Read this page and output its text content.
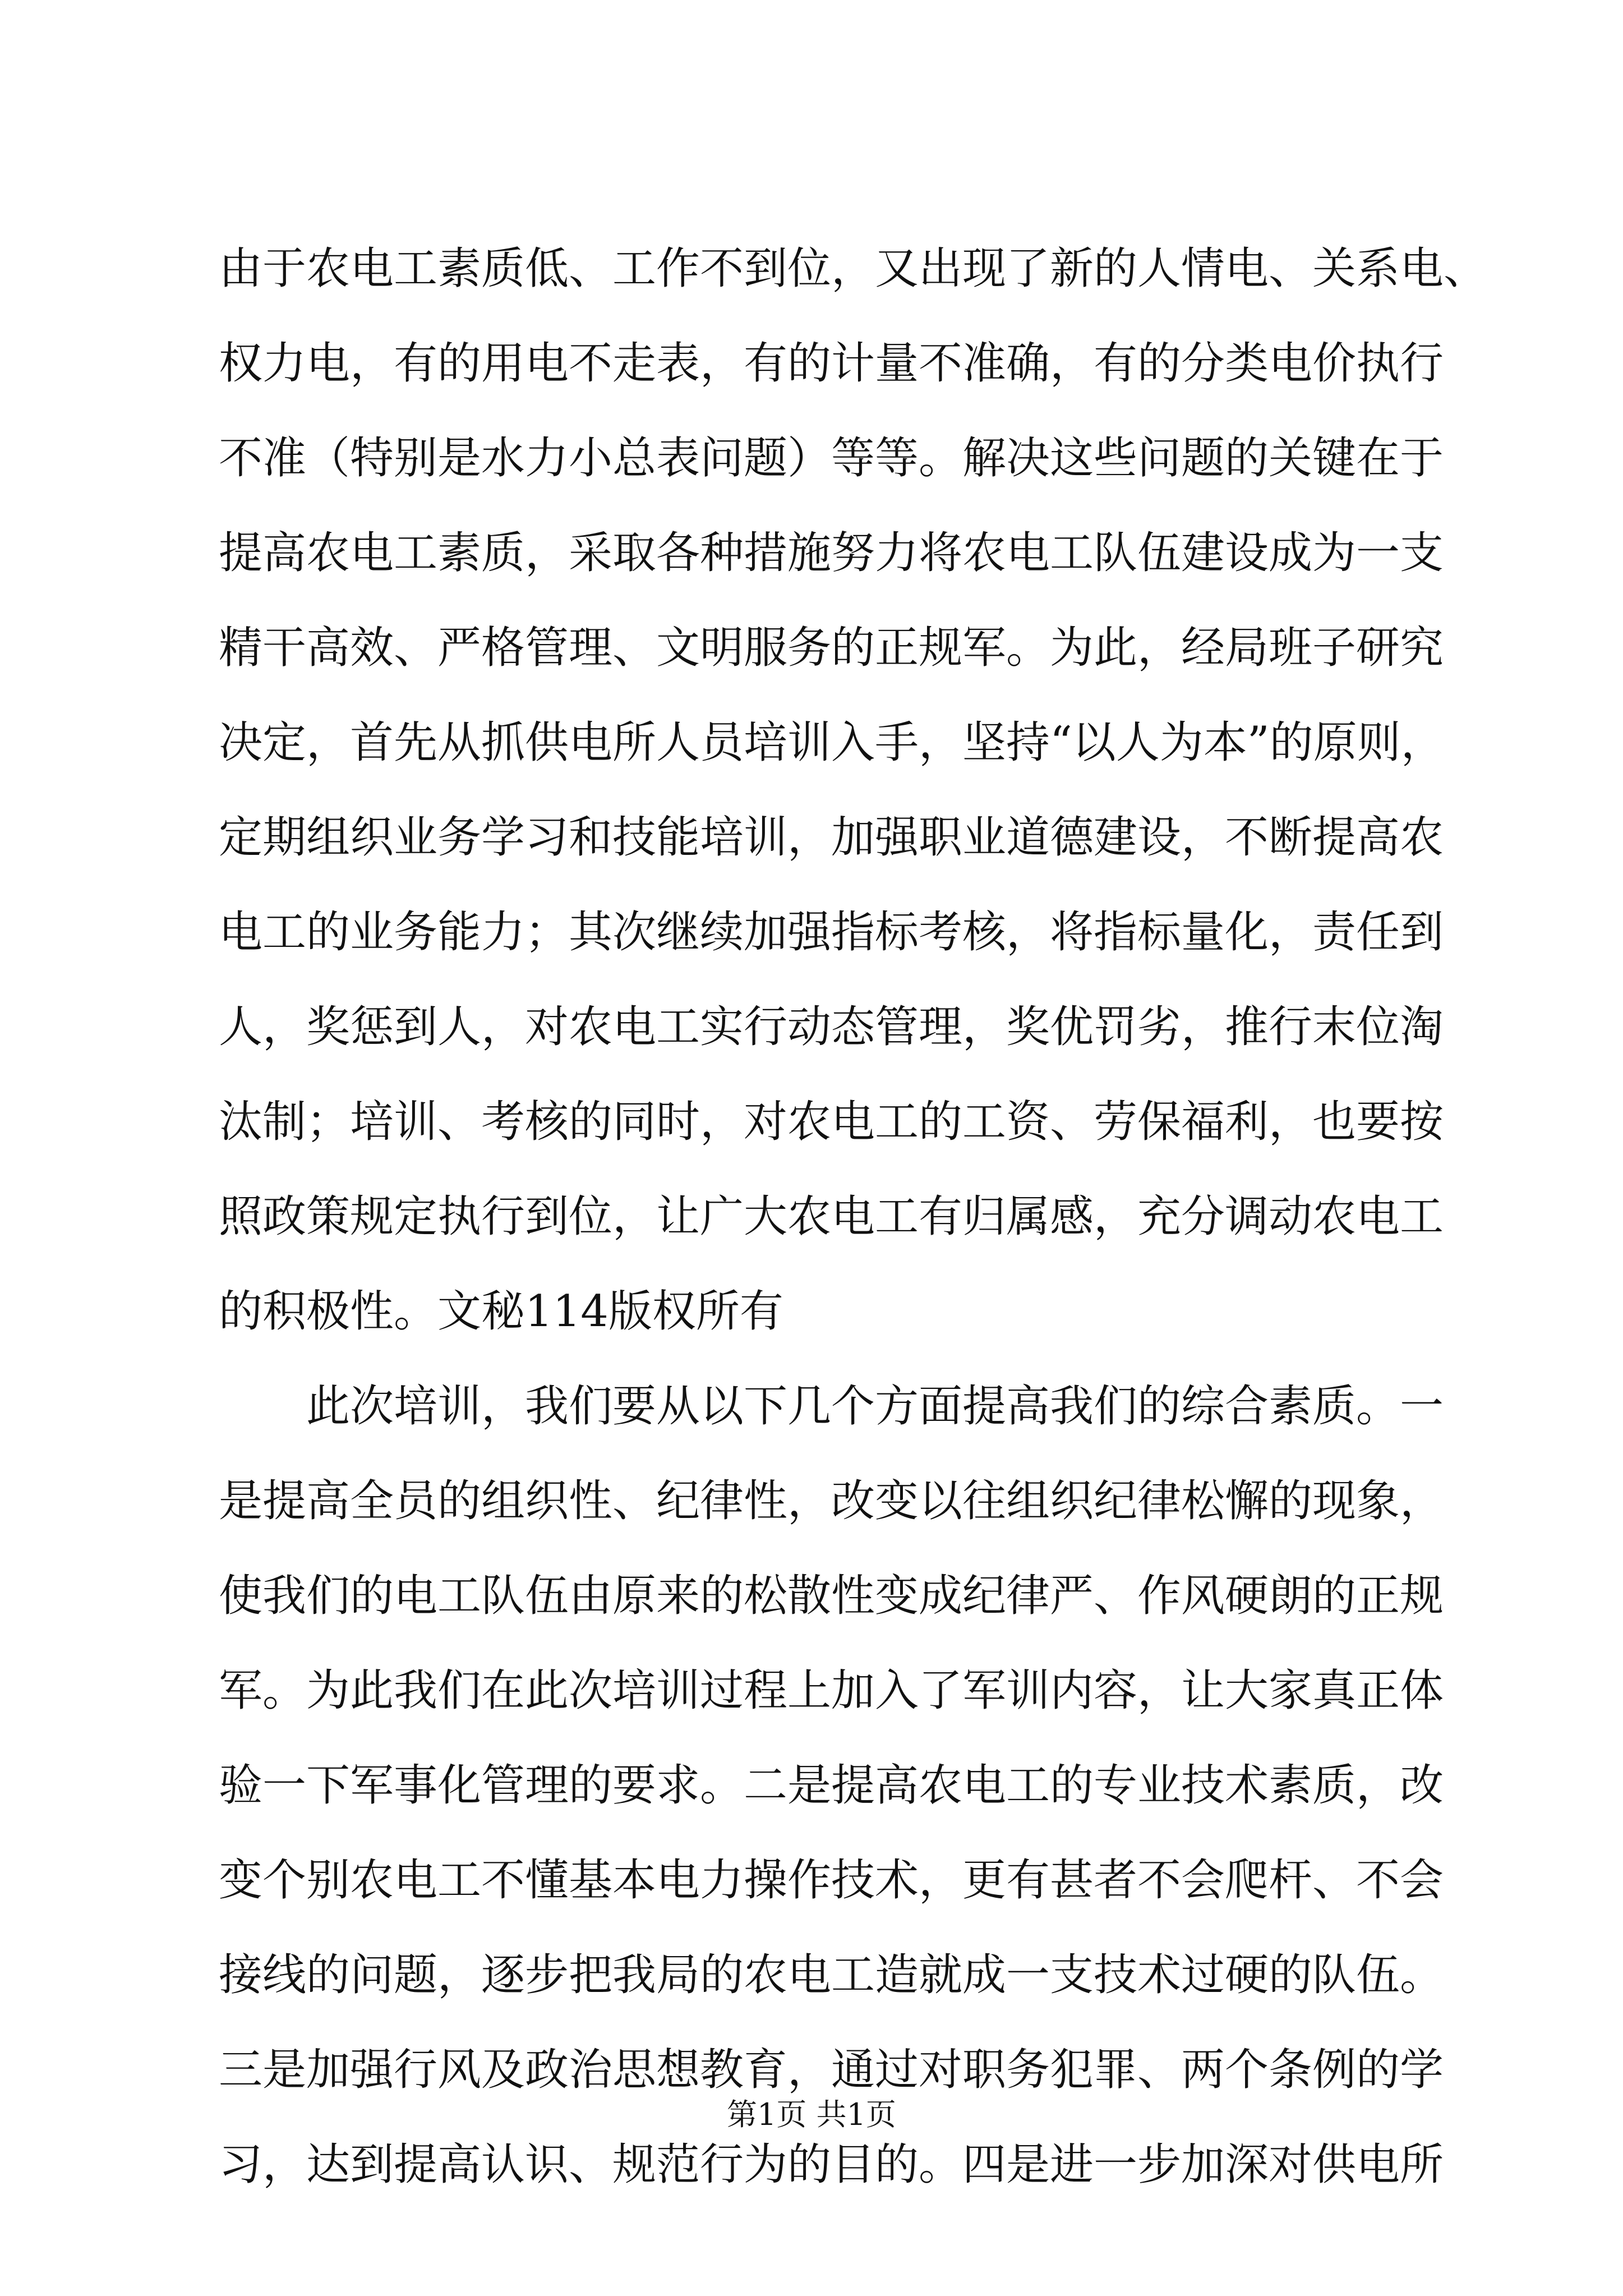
由于农电工素质低、工作不到位，又出现了新的人情电、关系电、
权力电，有的用电不走表，有的计量不准确，有的分类电价执行
不准（特别是水力小总表问题）等等。解决这些问题的关键在于
提高农电工素质，采取各种措施努力将农电工队伍建设成为一支
精干高效、严格管理、文明服务的正规军。为此，经局班子研究
决定，首先从抓供电所人员培训入手，坚持“以人为本”的原则，
定期组织业务学习和技能培训，加强职业道德建设，不断提高农
电工的业务能力；其次继续加强指标考核，将指标量化，责任到
人，奖惩到人，对农电工实行动态管理，奖优罚劣，推行末位淘
汰制；培训、考核的同时，对农电工的工资、劳保福利，也要按
照政策规定执行到位，让广大农电工有归属感，充分调动农电工
的积极性。文秘114版权所有
此次培训，我们要从以下几个方面提高我们的综合素质。一
是提高全员的组织性、纪律性，改变以往组织纪律松懈的现象，
使我们的电工队伍由原来的松散性变成纪律严、作风硬朗的正规
军。为此我们在此次培训过程上加入了军训内容，让大家真正体
验一下军事化管理的要求。二是提高农电工的专业技术素质，改
变个别农电工不懂基本电力操作技术，更有甚者不会爬杆、不会
接线的问题，逐步把我局的农电工造就成一支技术过硬的队伍。
三是加强行风及政治思想教育，通过对职务犯罪、两个条例的学
习，达到提高认识、规范行为的目的。四是进一步加深对供电所
第1页 共1页
